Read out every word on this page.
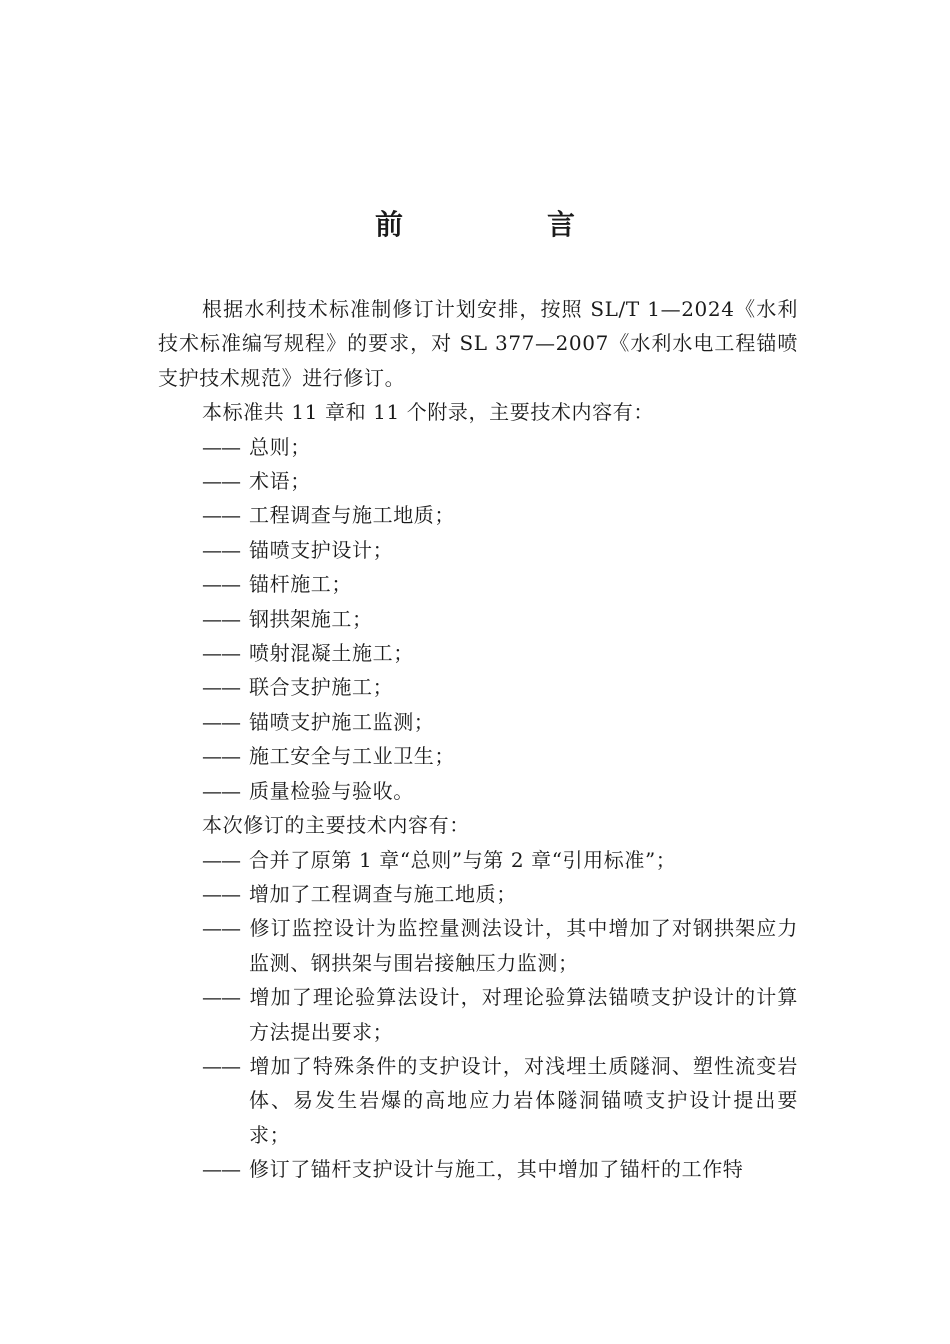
前　言

根据水利技术标准制修订计划安排，按照 SL/T 1—2024《水利技术标准编写规程》的要求，对 SL 377—2007《水利水电工程锚喷支护技术规范》进行修订。

本标准共 11 章和 11 个附录，主要技术内容有：

—— 总则；
—— 术语；
—— 工程调查与施工地质；
—— 锚喷支护设计；
—— 锚杆施工；
—— 钢拱架施工；
—— 喷射混凝土施工；
—— 联合支护施工；
—— 锚喷支护施工监测；
—— 施工安全与工业卫生；
—— 质量检验与验收。

本次修订的主要技术内容有：

—— 合并了原第 1 章“总则”与第 2 章“引用标准”；
—— 增加了工程调查与施工地质；
—— 修订监控设计为监控量测法设计，其中增加了对钢拱架应力监测、钢拱架与围岩接触压力监测；
—— 增加了理论验算法设计，对理论验算法锚喷支护设计的计算方法提出要求；
—— 增加了特殊条件的支护设计，对浅埋土质隧洞、塑性流变岩体、易发生岩爆的高地应力岩体隧洞锚喷支护设计提出要求；
—— 修订了锚杆支护设计与施工，其中增加了锚杆的工作特
